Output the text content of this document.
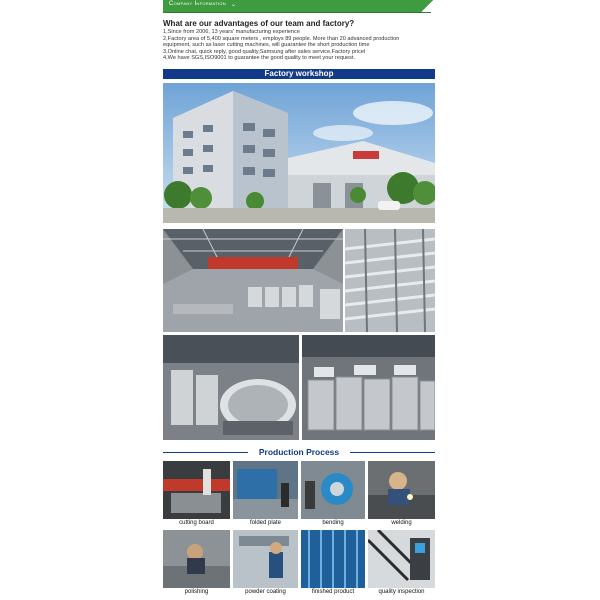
Company Information ⌄
What are our advantages of our team and factory?
1,Since from 2006, 13 years' manufacturing experience
2,Factory area of 5,400 square meters , employs 89 people. More than 20 advanced production
equipment, such as laser cutting machines, will guarantee the short production time
3,Online chat, quick reply, good quality,Samsung after sales service,Factory pricel
4,We have SGS,ISO9001 to guarantee the good quality to meet your request.
Factory workshop
Production Process
cutting board	folded plate	bending	welding
polishing	powder coating	finished product	quality inspection
